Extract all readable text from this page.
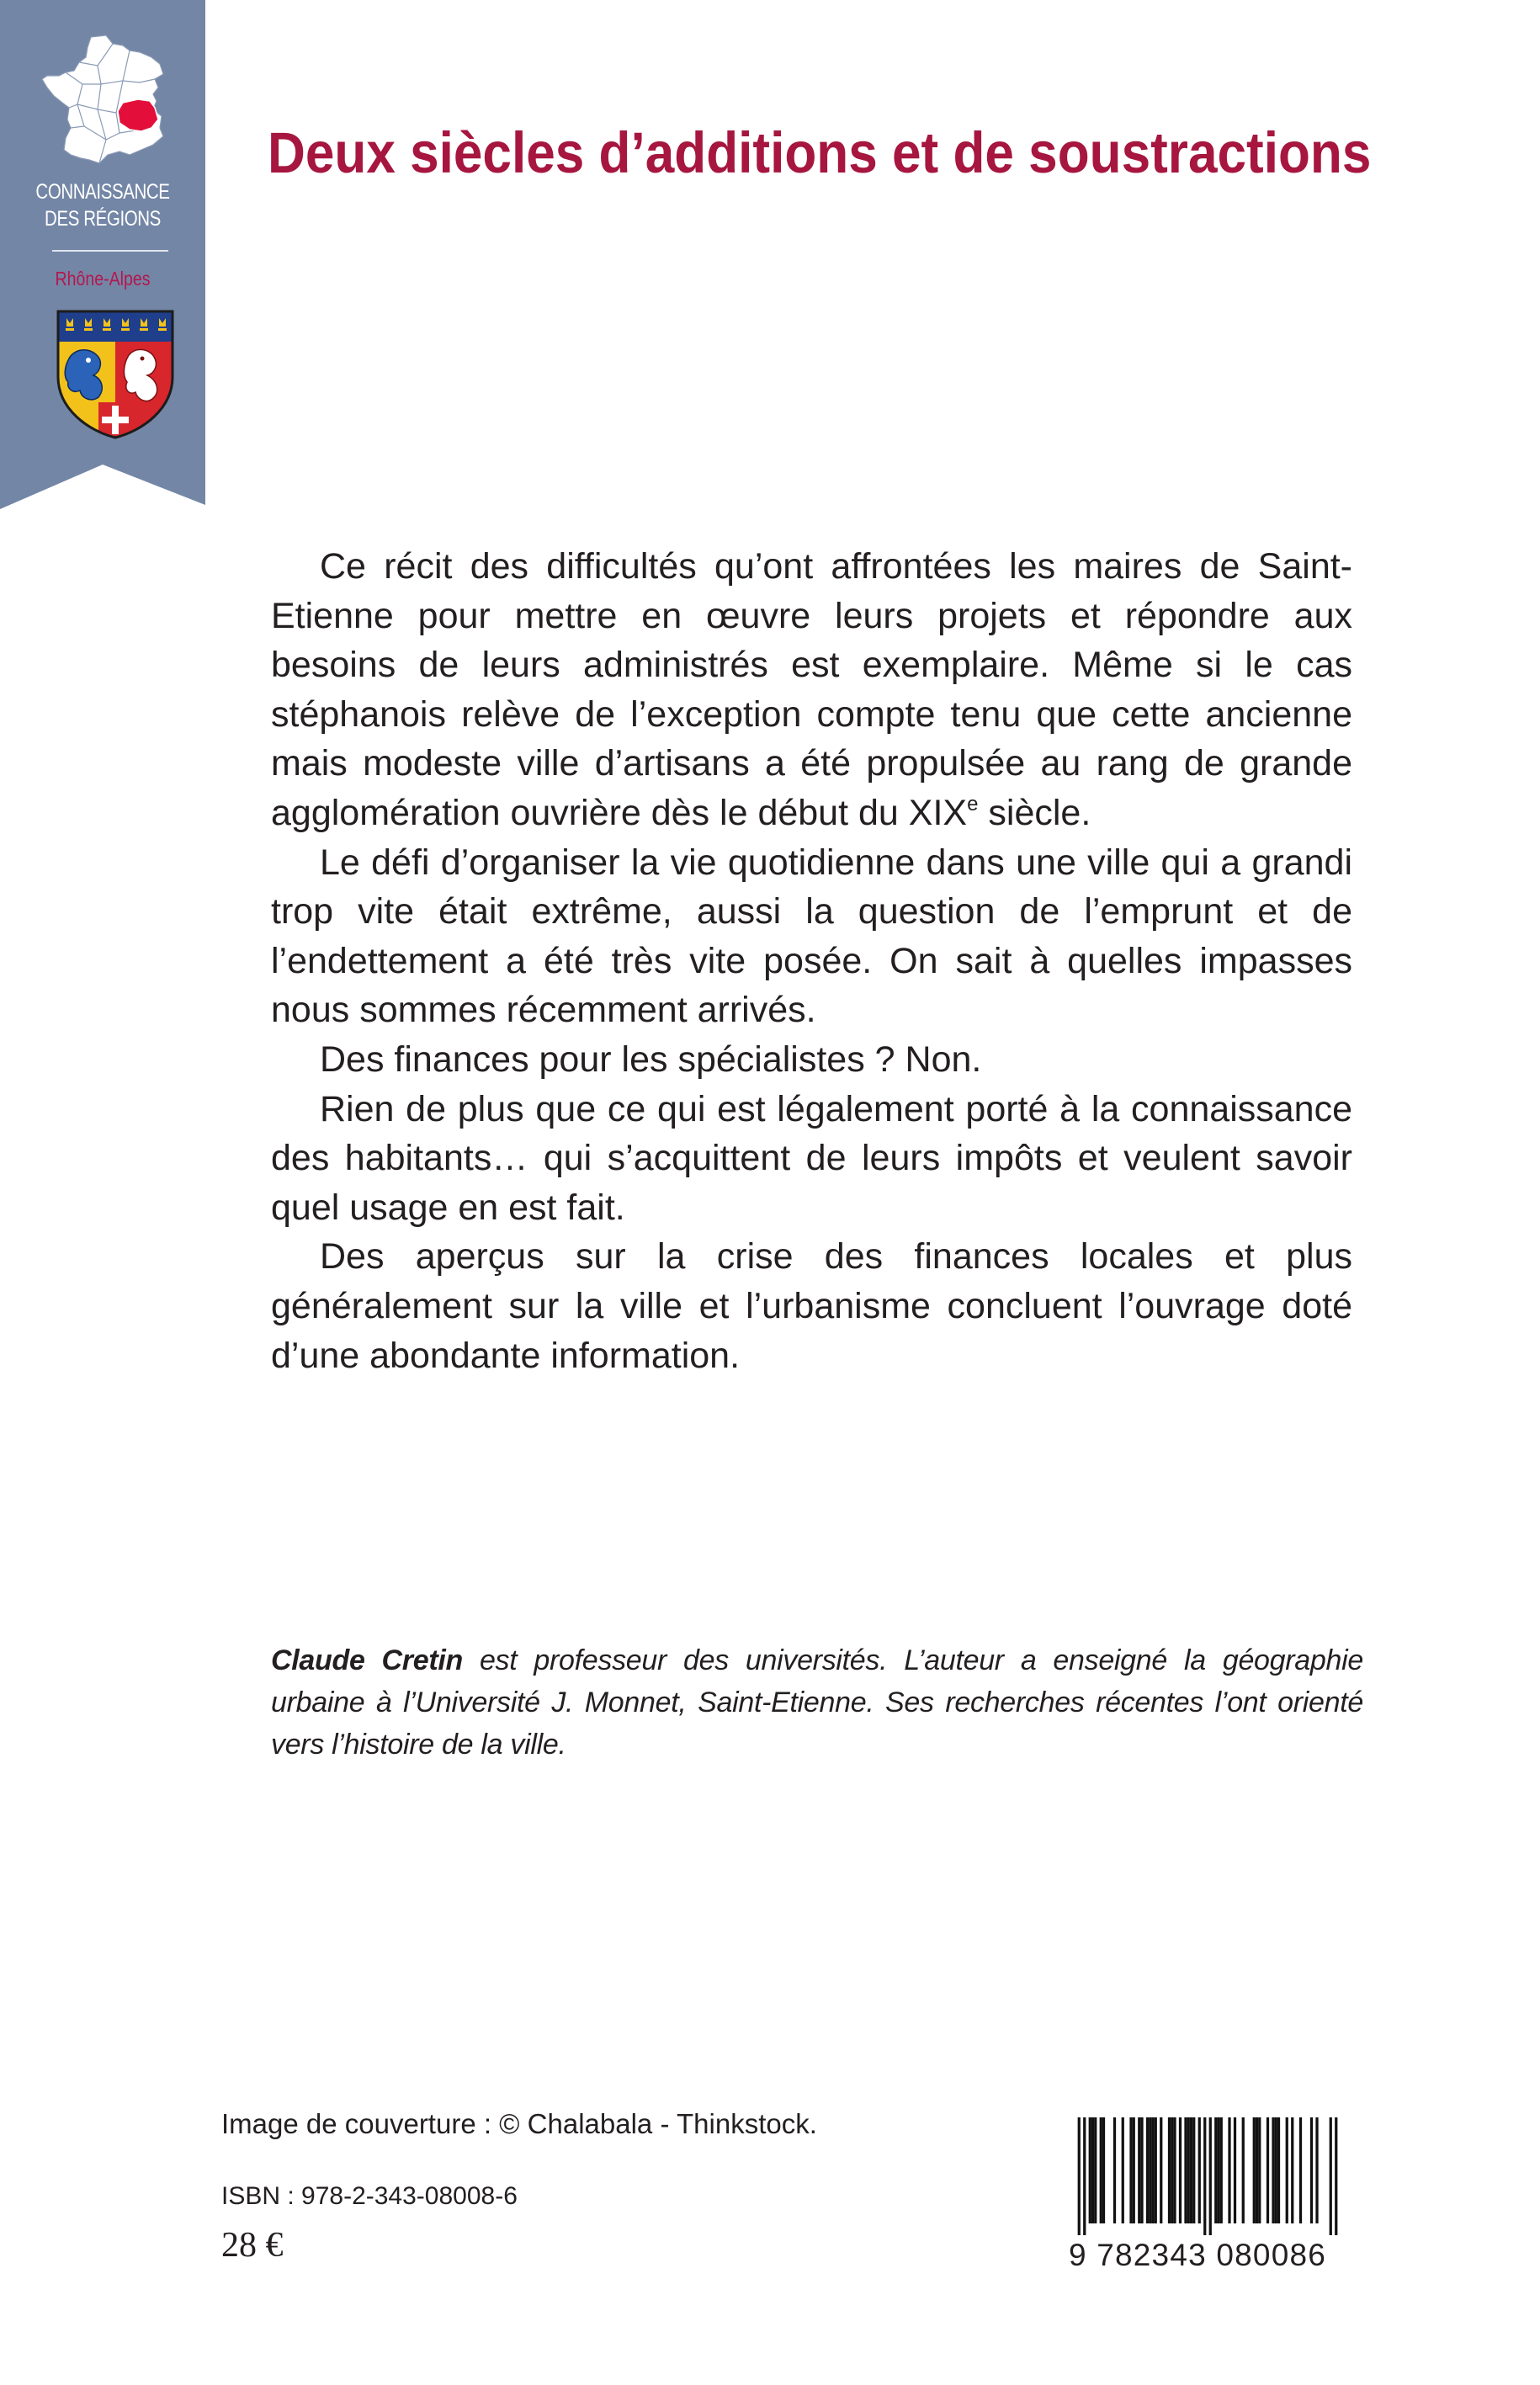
CONNAISSANCE
DES RÉGIONS
Rhône-Alpes
Deux siècles d’additions et de soustractions

Ce récit des difficultés qu’ont affrontées les maires de Saint-Etienne pour mettre en œuvre leurs projets et répondre aux besoins de leurs administrés est exemplaire. Même si le cas stéphanois relève de l’exception compte tenu que cette ancienne mais modeste ville d’artisans a été propulsée au rang de grande agglomération ouvrière dès le début du XIXe siècle.

Le défi d’organiser la vie quotidienne dans une ville qui a grandi trop vite était extrême, aussi la question de l’emprunt et de l’endettement a été très vite posée. On sait à quelles impasses nous sommes récemment arrivés.

Des finances pour les spécialistes ? Non.

Rien de plus que ce qui est légalement porté à la connaissance des habitants… qui s’acquittent de leurs impôts et veulent savoir quel usage en est fait.

Des aperçus sur la crise des finances locales et plus généralement sur la ville et l’urbanisme concluent l’ouvrage doté d’une abondante information.

Claude Cretin est professeur des universités. L’auteur a enseigné la géographie urbaine à l’Université J. Monnet, Saint-Etienne. Ses recherches récentes l’ont orienté vers l’histoire de la ville.

Image de couverture : © Chalabala - Thinkstock.

ISBN : 978-2-343-08008-6

28 €	9 782343 080086
